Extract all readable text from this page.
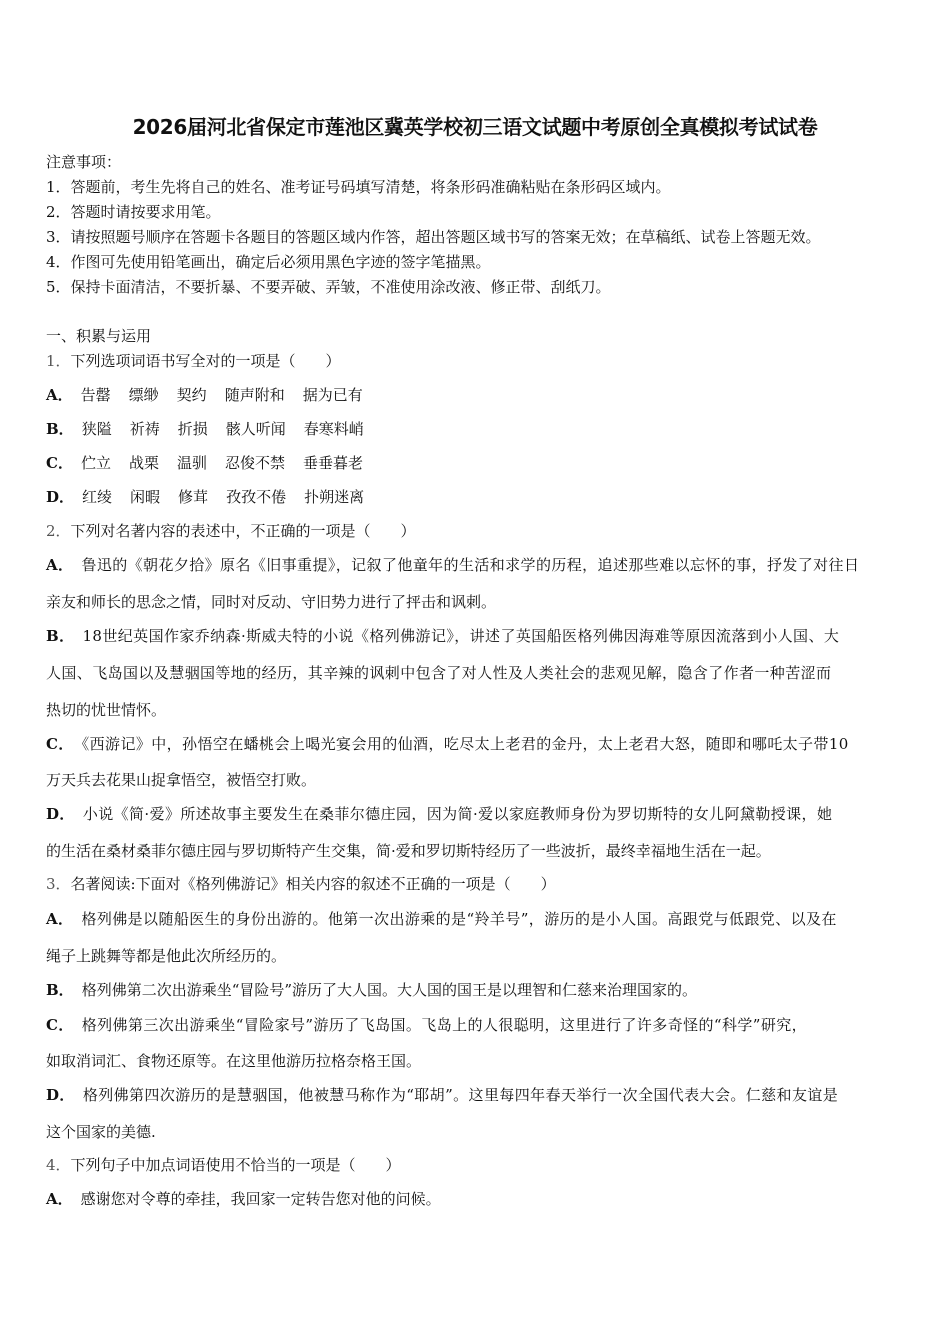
2026届河北省保定市莲池区冀英学校初三语文试题中考原创全真模拟考试试卷
注意事项：
1．答题前，考生先将自己的姓名、准考证号码填写清楚，将条形码准确粘贴在条形码区域内。
2．答题时请按要求用笔。
3．请按照题号顺序在答题卡各题目的答题区域内作答，超出答题区域书写的答案无效；在草稿纸、试卷上答题无效。
4．作图可先使用铅笔画出，确定后必须用黑色字迹的签字笔描黑。
5．保持卡面清洁，不要折暴、不要弄破、弄皱，不准使用涂改液、修正带、刮纸刀。
一、积累与运用
1．下列选项词语书写全对的一项是（　　）
A． 告罄 缥缈 契约 随声附和 据为已有
B． 狭隘 祈祷 折损 骸人听闻 春寒料峭
C． 伫立 战栗 温驯 忍俊不禁 垂垂暮老
D． 红绫 闲暇 修茸 孜孜不倦 扑朔迷离
2．下列对名著内容的表述中，不正确的一项是（　　）
A． 鲁迅的《朝花夕拾》原名《旧事重提》，记叙了他童年的生活和求学的历程，追述那些难以忘怀的事，抒发了对往日
亲友和师长的思念之情，同时对反动、守旧势力进行了抨击和讽刺。
B． 18世纪英国作家乔纳森·斯威夫特的小说《格列佛游记》，讲述了英国船医格列佛因海难等原因流落到小人国、大
人国、飞岛国以及慧骃国等地的经历，其辛辣的讽刺中包含了对人性及人类社会的悲观见解，隐含了作者一种苦涩而
热切的忧世情怀。
C． 《西游记》中，孙悟空在蟠桃会上喝光宴会用的仙酒，吃尽太上老君的金丹，太上老君大怒，随即和哪吒太子带10
万天兵去花果山捉拿悟空，被悟空打败。
D． 小说《简·爱》所述故事主要发生在桑菲尔德庄园，因为简·爱以家庭教师身份为罗切斯特的女儿阿黛勒授课，她
的生活在桑材桑菲尔德庄园与罗切斯特产生交集，简·爱和罗切斯特经历了一些波折，最终幸福地生活在一起。
3．名著阅读:下面对《格列佛游记》相关内容的叙述不正确的一项是（　　）
A． 格列佛是以随船医生的身份出游的。他第一次出游乘的是“羚羊号”，游历的是小人国。高跟党与低跟党、以及在
绳子上跳舞等都是他此次所经历的。
B． 格列佛第二次出游乘坐“冒险号”游历了大人国。大人国的国王是以理智和仁慈来治理国家的。
C． 格列佛第三次出游乘坐“冒险家号”游历了飞岛国。飞岛上的人很聪明，这里进行了许多奇怪的“科学”研究，
如取消词汇、食物还原等。在这里他游历拉格奈格王国。
D． 格列佛第四次游历的是慧骃国，他被慧马称作为“耶胡”。这里每四年春天举行一次全国代表大会。仁慈和友谊是
这个国家的美德.
4．下列句子中加点词语使用不恰当的一项是（　　）
A． 感谢您对令尊的牵挂，我回家一定转告您对他的问候。
